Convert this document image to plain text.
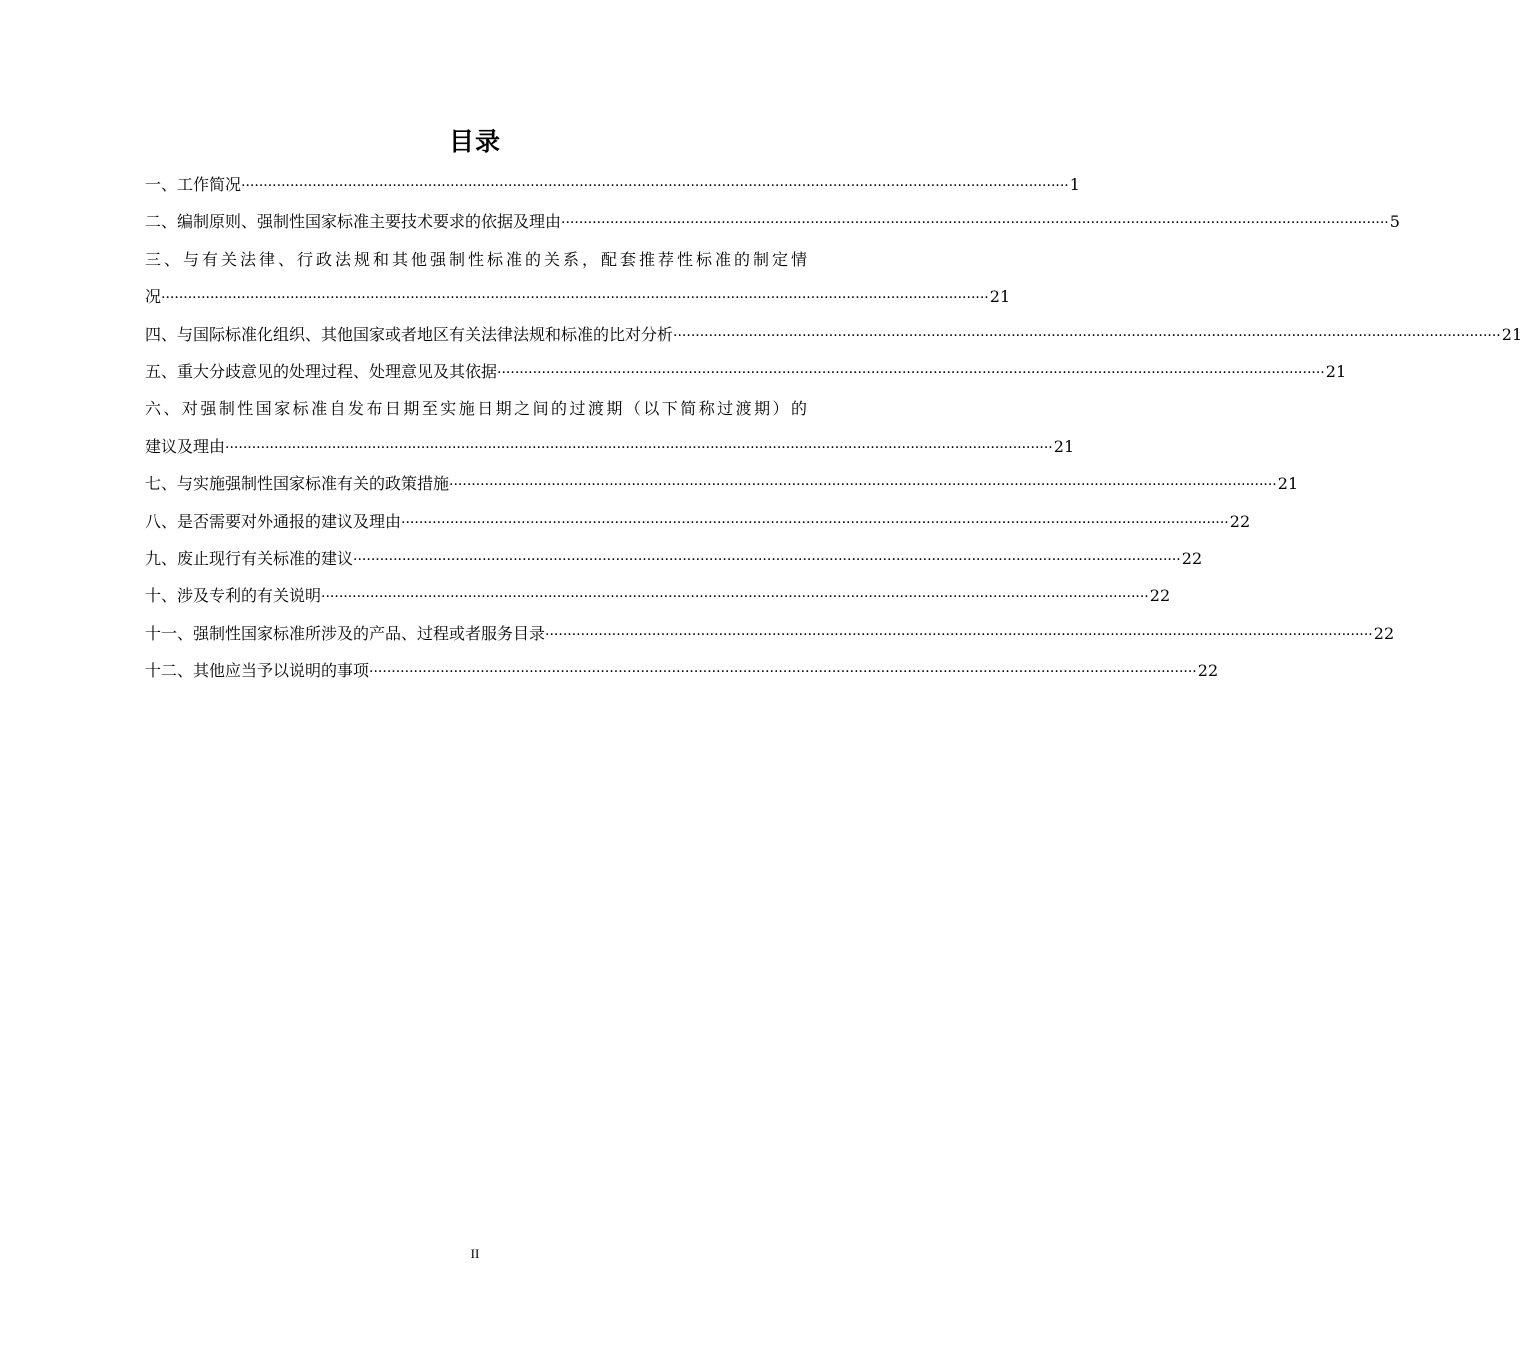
目录
一、工作简况 ·····	1
二、编制原则、强制性国家标准主要技术要求的依据及理由 ·····	5
三、与有关法律、行政法规和其他强制性标准的关系，配套推荐性标准的制定情
况 ·····	21
四、与国际标准化组织、其他国家或者地区有关法律法规和标准的比对分析 ·····	21
五、重大分歧意见的处理过程、处理意见及其依据 ·····	21
六、对强制性国家标准自发布日期至实施日期之间的过渡期（以下简称过渡期）的
建议及理由 ·····	21
七、与实施强制性国家标准有关的政策措施 ·····	21
八、是否需要对外通报的建议及理由 ·····	22
九、废止现行有关标准的建议 ·····	22
十、涉及专利的有关说明 ·····	22
十一、强制性国家标准所涉及的产品、过程或者服务目录 ·····	22
十二、其他应当予以说明的事项 ·····	22
II
